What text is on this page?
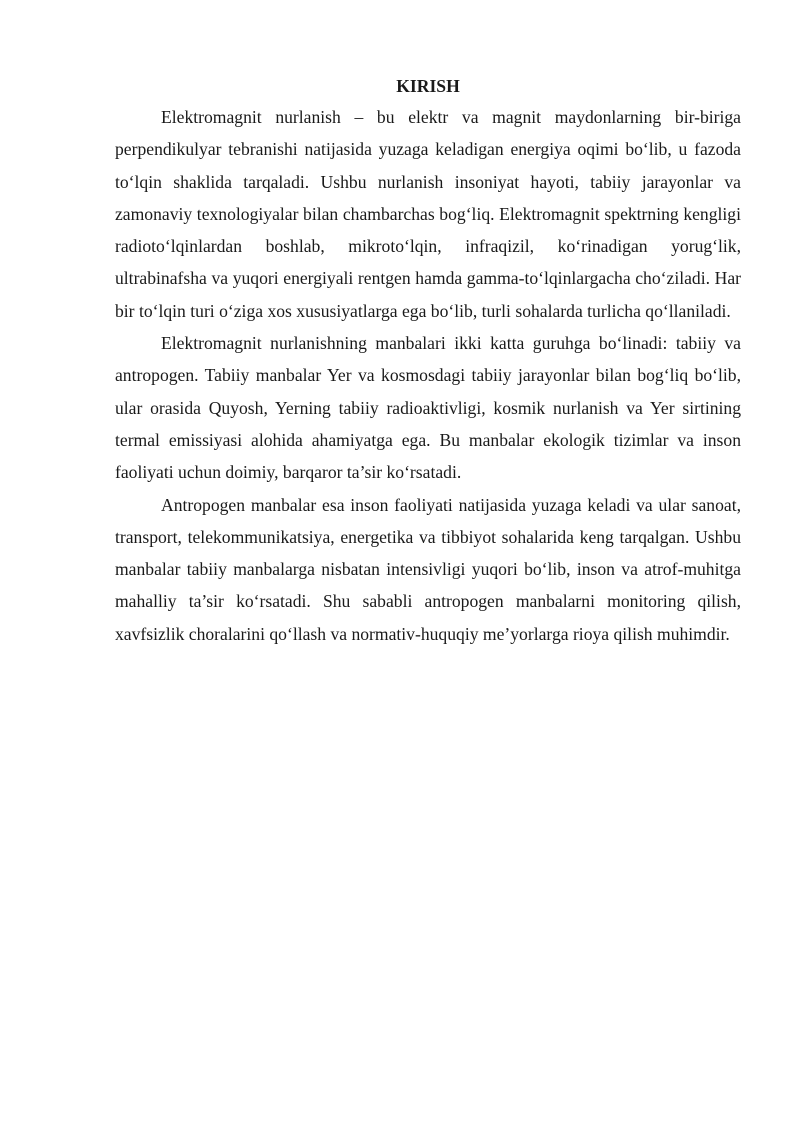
KIRISH

Elektromagnit nurlanish – bu elektr va magnit maydonlarning bir-biriga perpendikulyar tebranishi natijasida yuzaga keladigan energiya oqimi bo‘lib, u fazoda to‘lqin shaklida tarqaladi. Ushbu nurlanish insoniyat hayoti, tabiiy jarayonlar va zamonaviy texnologiyalar bilan chambarchas bog‘liq. Elektromagnit spektrning kengligi radioto‘lqinlardan boshlab, mikroto‘lqin, infraqizil, ko‘rinadigan yorug‘lik, ultrabinafsha va yuqori energiyali rentgen hamda gamma-to‘lqinlargacha cho‘ziladi. Har bir to‘lqin turi o‘ziga xos xususiyatlarga ega bo‘lib, turli sohalarda turlicha qo‘llaniladi.

Elektromagnit nurlanishning manbalari ikki katta guruhga bo‘linadi: tabiiy va antropogen. Tabiiy manbalar Yer va kosmosdagi tabiiy jarayonlar bilan bog‘liq bo‘lib, ular orasida Quyosh, Yerning tabiiy radioaktivligi, kosmik nurlanish va Yer sirtining termal emissiyasi alohida ahamiyatga ega. Bu manbalar ekologik tizimlar va inson faoliyati uchun doimiy, barqaror ta’sir ko‘rsatadi.

Antropogen manbalar esa inson faoliyati natijasida yuzaga keladi va ular sanoat, transport, telekommunikatsiya, energetika va tibbiyot sohalarida keng tarqalgan. Ushbu manbalar tabiiy manbalarga nisbatan intensivligi yuqori bo‘lib, inson va atrof-muhitga mahalliy ta’sir ko‘rsatadi. Shu sababli antropogen manbalarni monitoring qilish, xavfsizlik choralarini qo‘llash va normativ-huquqiy me’yorlarga rioya qilish muhimdir.
